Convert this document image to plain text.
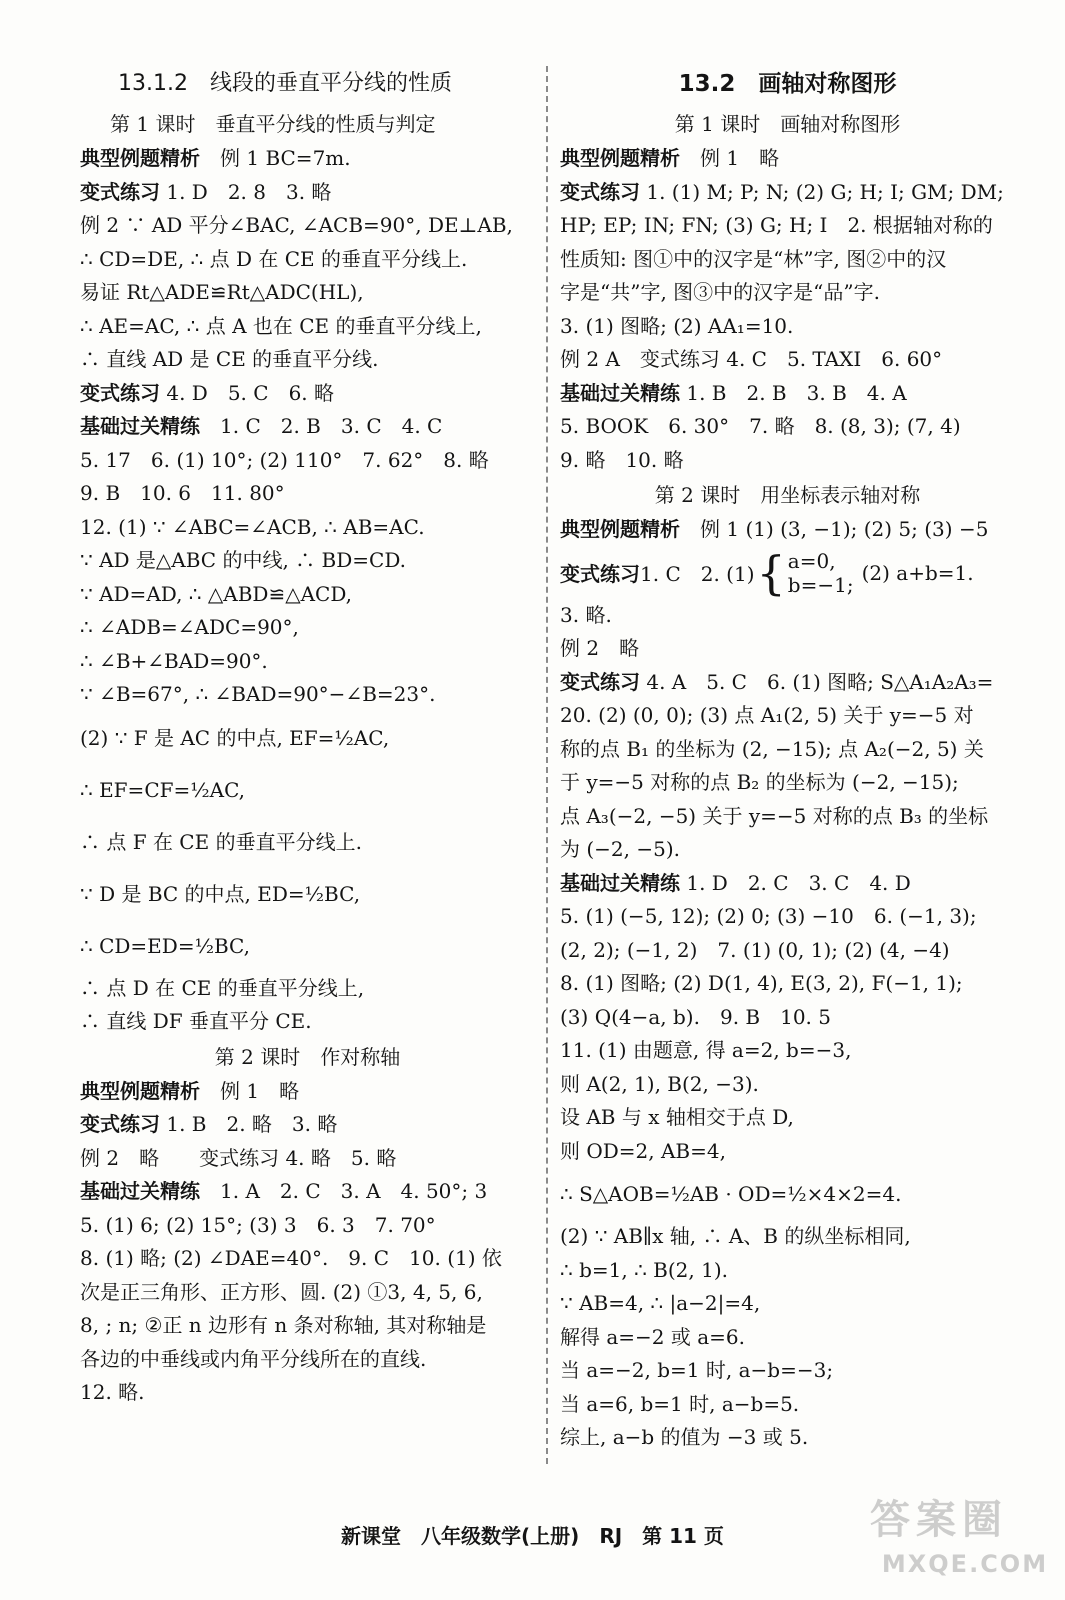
13.1.2　线段的垂直平分线的性质
第 1 课时　垂直平分线的性质与判定
典型例题精析　例 1 BC=7m.
变式练习 1. D　2. 8　3. 略
例 2 ∵ AD 平分∠BAC, ∠ACB=90°, DE⊥AB,
∴ CD=DE, ∴ 点 D 在 CE 的垂直平分线上.
易证 Rt△ADE≌Rt△ADC(HL),
∴ AE=AC, ∴ 点 A 也在 CE 的垂直平分线上,
∴ 直线 AD 是 CE 的垂直平分线.
变式练习 4. D　5. C　6. 略
基础过关精练　1. C　2. B　3. C　4. C
5. 17　6. (1) 10°; (2) 110°　7. 62°　8. 略
9. B　10. 6　11. 80°
12. (1) ∵ ∠ABC=∠ACB, ∴ AB=AC.
∵ AD 是△ABC 的中线, ∴ BD=CD.
∵ AD=AD, ∴ △ABD≌△ACD,
∴ ∠ADB=∠ADC=90°,
∴ ∠B+∠BAD=90°.
∵ ∠B=67°, ∴ ∠BAD=90°−∠B=23°.
(2) ∵ F 是 AC 的中点, EF=½AC,
∴ EF=CF=½AC,
∴ 点 F 在 CE 的垂直平分线上.
∵ D 是 BC 的中点, ED=½BC,
∴ CD=ED=½BC,
∴ 点 D 在 CE 的垂直平分线上,
∴ 直线 DF 垂直平分 CE.
第 2 课时　作对称轴
典型例题精析　例 1　略
变式练习 1. B　2. 略　3. 略
例 2　略　　变式练习 4. 略　5. 略
基础过关精练　1. A　2. C　3. A　4. 50°; 3
5. (1) 6; (2) 15°; (3) 3　6. 3　7. 70°
8. (1) 略; (2) ∠DAE=40°.　9. C　10. (1) 依
次是正三角形、正方形、圆. (2) ①3, 4, 5, 6,
8, ; n; ②正 n 边形有 n 条对称轴, 其对称轴是
各边的中垂线或内角平分线所在的直线.
12. 略.
13.2　画轴对称图形
第 1 课时　画轴对称图形
典型例题精析　例 1　略
变式练习 1. (1) M; P; N; (2) G; H; I; GM; DM;
HP; EP; IN; FN; (3) G; H; I　2. 根据轴对称的
性质知: 图①中的汉字是“林”字, 图②中的汉
字是“共”字, 图③中的汉字是“品”字.
3. (1) 图略; (2) AA₁=10.
例 2 A　变式练习 4. C　5. TAXI　6. 60°
基础过关精练 1. B　2. B　3. B　4. A
5. BOOK　6. 30°　7. 略　8. (8, 3); (7, 4)
9. 略　10. 略
第 2 课时　用坐标表示轴对称
典型例题精析　例 1 (1) (3, −1); (2) 5; (3) −5
变式练习 1. C　2. (1) { a=0,
b=−1; (2) a+b=1.
3. 略.
例 2　略
变式练习 4. A　5. C　6. (1) 图略; S△A₁A₂A₃=
20. (2) (0, 0); (3) 点 A₁(2, 5) 关于 y=−5 对
称的点 B₁ 的坐标为 (2, −15); 点 A₂(−2, 5) 关
于 y=−5 对称的点 B₂ 的坐标为 (−2, −15);
点 A₃(−2, −5) 关于 y=−5 对称的点 B₃ 的坐标
为 (−2, −5).
基础过关精练 1. D　2. C　3. C　4. D
5. (1) (−5, 12); (2) 0; (3) −10　6. (−1, 3);
(2, 2); (−1, 2)　7. (1) (0, 1); (2) (4, −4)
8. (1) 图略; (2) D(1, 4), E(3, 2), F(−1, 1);
(3) Q(4−a, b).　9. B　10. 5
11. (1) 由题意, 得 a=2, b=−3,
则 A(2, 1), B(2, −3).
设 AB 与 x 轴相交于点 D,
则 OD=2, AB=4,
∴ S△AOB=½AB · OD=½×4×2=4.
(2) ∵ AB∥x 轴, ∴ A、B 的纵坐标相同,
∴ b=1, ∴ B(2, 1).
∵ AB=4, ∴ |a−2|=4,
解得 a=−2 或 a=6.
当 a=−2, b=1 时, a−b=−3;
当 a=6, b=1 时, a−b=5.
综上, a−b 的值为 −3 或 5.
新课堂　八年级数学(上册)　RJ　第 11 页	答案圈
MXQE.COM
